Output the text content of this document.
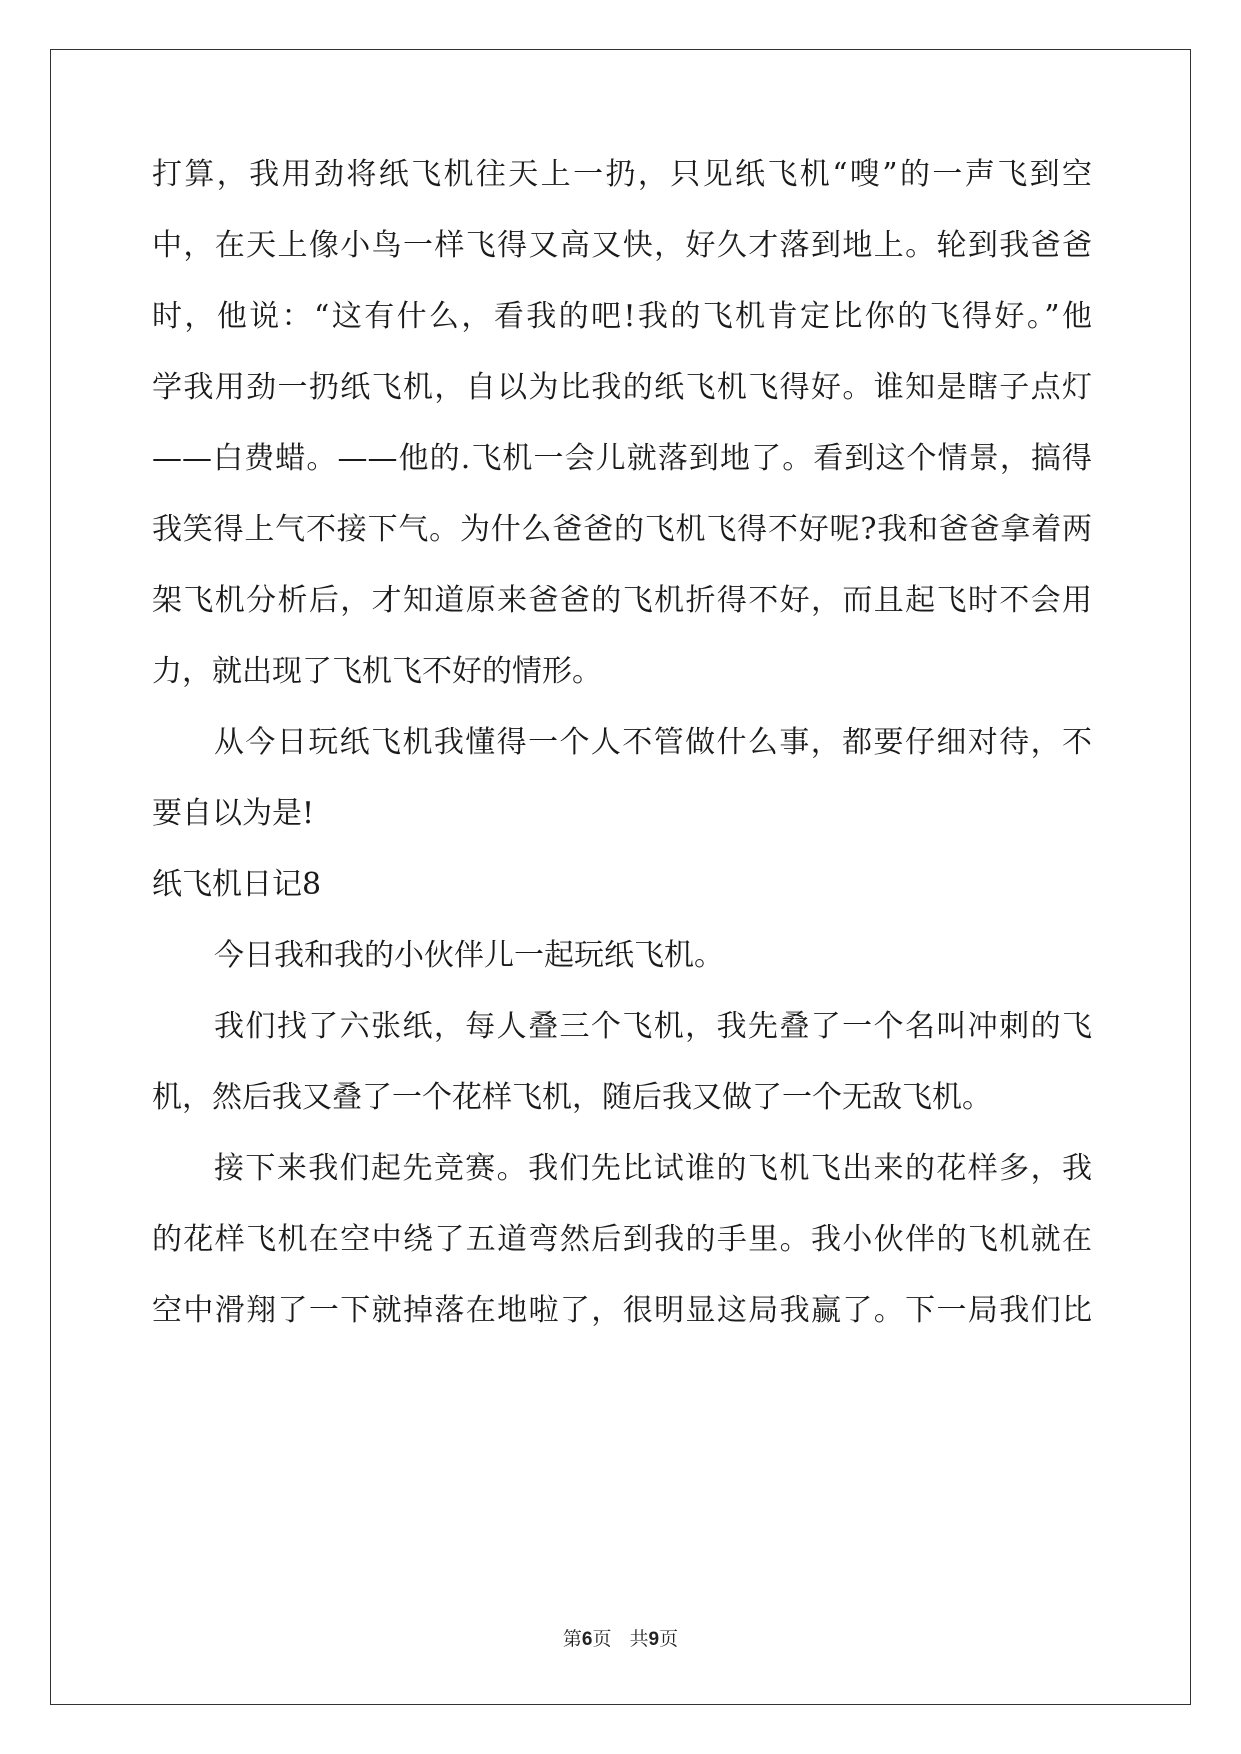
打算，我用劲将纸飞机往天上一扔，只见纸飞机“嗖”的一声飞到空
中，在天上像小鸟一样飞得又高又快，好久才落到地上。轮到我爸爸
时，他说：“这有什么，看我的吧!我的飞机肯定比你的飞得好。”他
学我用劲一扔纸飞机，自以为比我的纸飞机飞得好。谁知是瞎子点灯
——白费蜡。——他的.飞机一会儿就落到地了。看到这个情景，搞得
我笑得上气不接下气。为什么爸爸的飞机飞得不好呢?我和爸爸拿着两
架飞机分析后，才知道原来爸爸的飞机折得不好，而且起飞时不会用
力，就出现了飞机飞不好的情形。
从今日玩纸飞机我懂得一个人不管做什么事，都要仔细对待，不
要自以为是!
纸飞机日记8
今日我和我的小伙伴儿一起玩纸飞机。
我们找了六张纸，每人叠三个飞机，我先叠了一个名叫冲刺的飞
机，然后我又叠了一个花样飞机，随后我又做了一个无敌飞机。
接下来我们起先竞赛。我们先比试谁的飞机飞出来的花样多，我
的花样飞机在空中绕了五道弯然后到我的手里。我小伙伴的飞机就在
空中滑翔了一下就掉落在地啦了，很明显这局我赢了。下一局我们比
第6页 共9页
